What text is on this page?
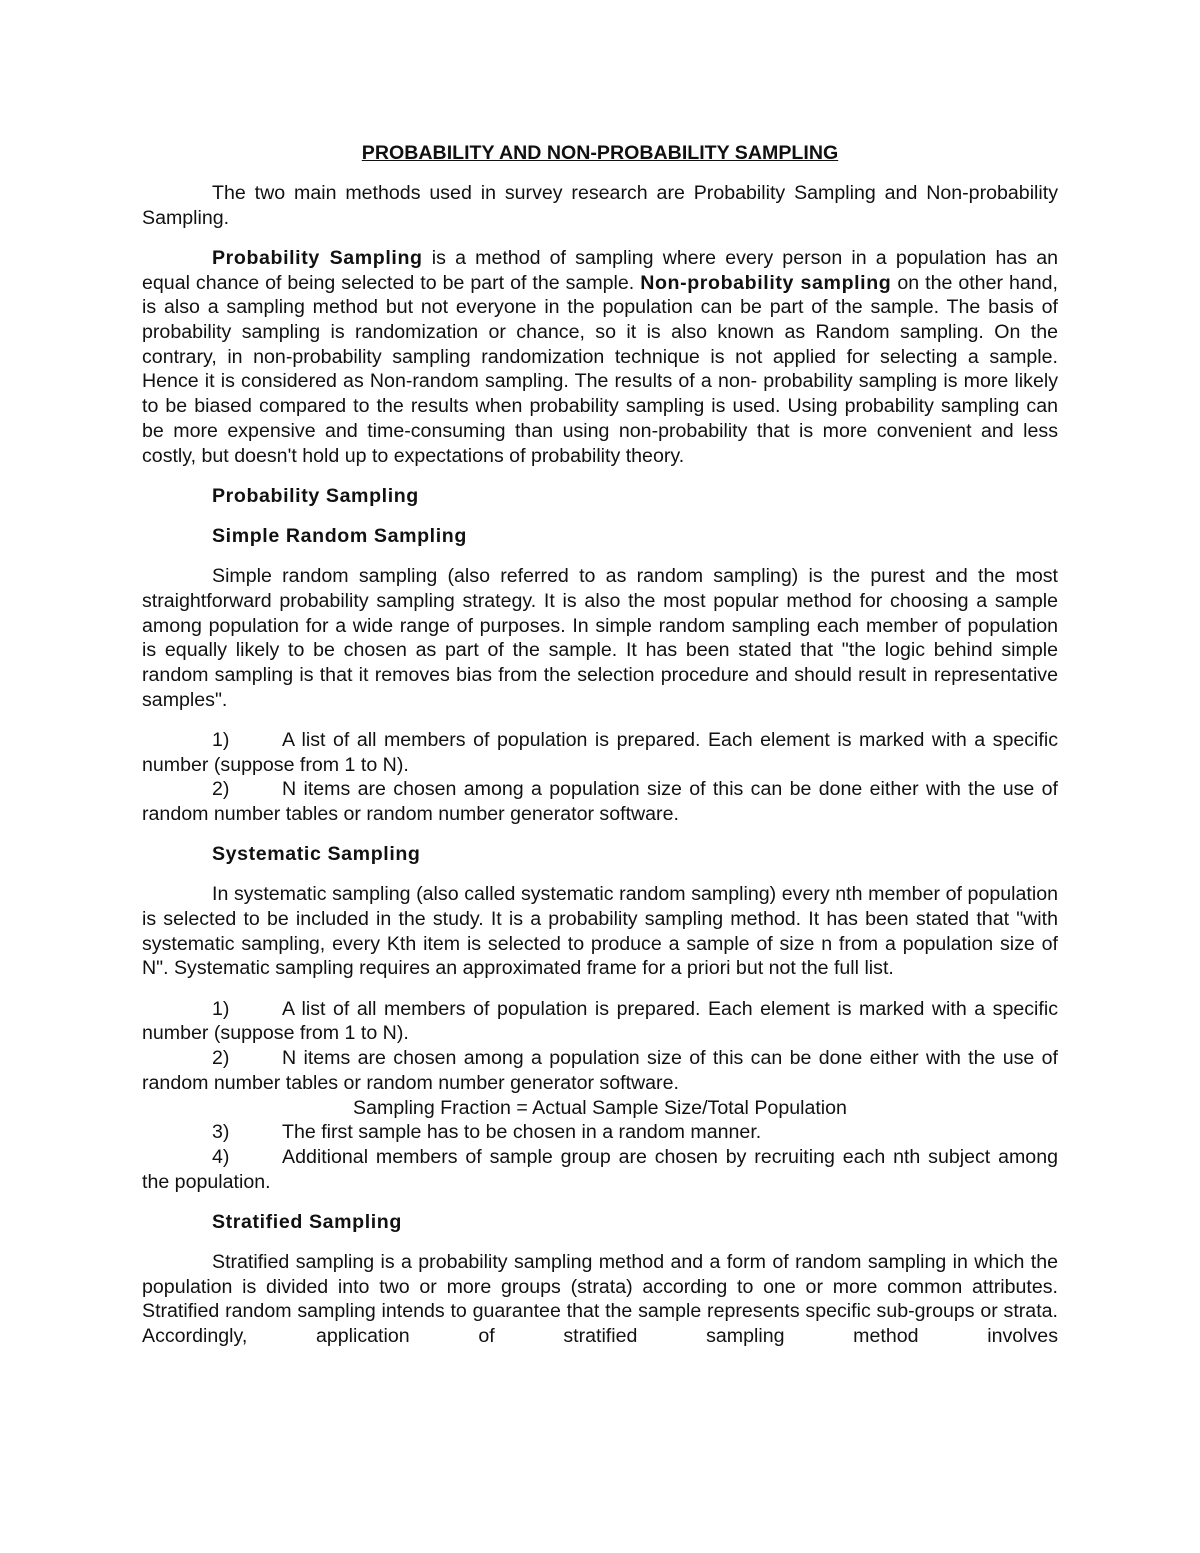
PROBABILITY AND NON-PROBABILITY SAMPLING

The two main methods used in survey research are Probability Sampling and Non-probability Sampling.

Probability Sampling is a method of sampling where every person in a population has an equal chance of being selected to be part of the sample. Non-probability sampling on the other hand, is also a sampling method but not everyone in the population can be part of the sample. The basis of probability sampling is randomization or chance, so it is also known as Random sampling. On the contrary, in non-probability sampling randomization technique is not applied for selecting a sample. Hence it is considered as Non-random sampling. The results of a non- probability sampling is more likely to be biased compared to the results when probability sampling is used. Using probability sampling can be more expensive and time-consuming than using non-probability that is more convenient and less costly, but doesn't hold up to expectations of probability theory.

Probability Sampling
Simple Random Sampling

Simple random sampling (also referred to as random sampling) is the purest and the most straightforward probability sampling strategy. It is also the most popular method for choosing a sample among population for a wide range of purposes. In simple random sampling each member of population is equally likely to be chosen as part of the sample. It has been stated that "the logic behind simple random sampling is that it removes bias from the selection procedure and should result in representative samples".

1)	A list of all members of population is prepared. Each element is marked with a specific number (suppose from 1 to N).

2)	N items are chosen among a population size of this can be done either with the use of random number tables or random number generator software.

Systematic Sampling

In systematic sampling (also called systematic random sampling) every nth member of population is selected to be included in the study. It is a probability sampling method. It has been stated that "with systematic sampling, every Kth item is selected to produce a sample of size n from a population size of N". Systematic sampling requires an approximated frame for a priori but not the full list.

1)	A list of all members of population is prepared. Each element is marked with a specific number (suppose from 1 to N).

2)	N items are chosen among a population size of this can be done either with the use of random number tables or random number generator software.

Sampling Fraction = Actual Sample Size/Total Population

3)	The first sample has to be chosen in a random manner.

4)	Additional members of sample group are chosen by recruiting each nth subject among the population.

Stratified Sampling

Stratified sampling is a probability sampling method and a form of random sampling in which the population is divided into two or more groups (strata) according to one or more common attributes. Stratified random sampling intends to guarantee that the sample represents specific sub-groups or strata. Accordingly, application of stratified sampling method involves
